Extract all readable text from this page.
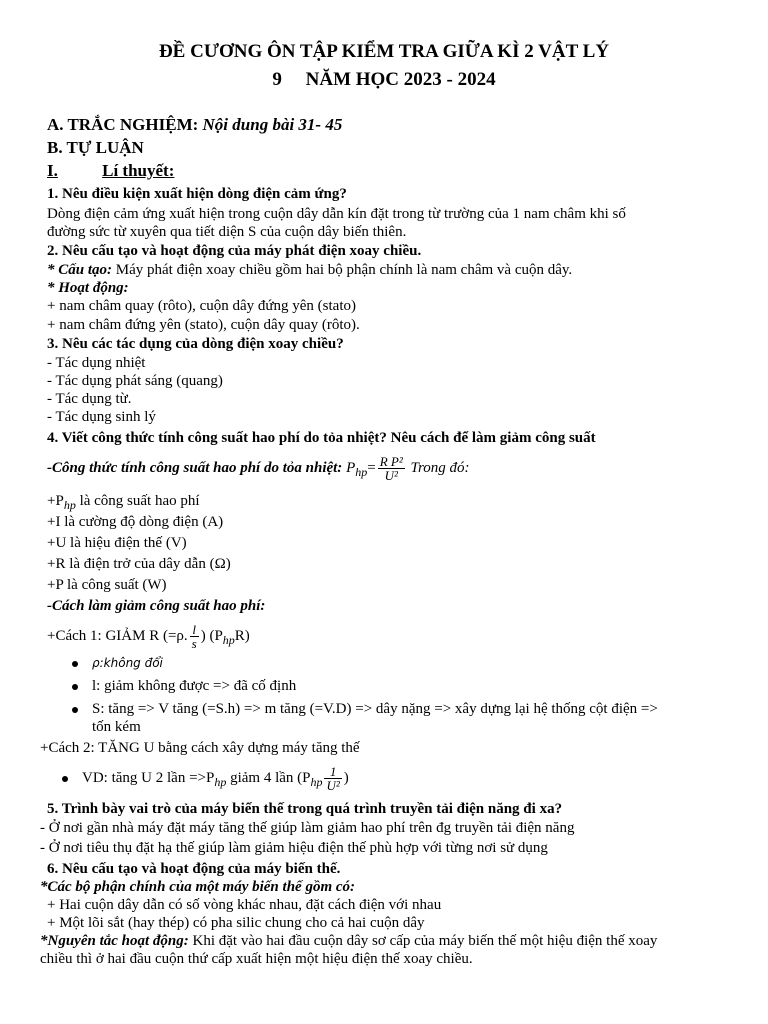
ĐỀ CƯƠNG ÔN TẬP KIỂM TRA GIỮA KÌ 2 VẬT LÝ
9 NĂM HỌC 2023 - 2024
A. TRẮC NGHIỆM: Nội dung bài 31- 45
B. TỰ LUẬN
I.	Lí thuyết:
1. Nêu điều kiện xuất hiện dòng điện cảm ứng?
Dòng điện cảm ứng xuất hiện trong cuộn dây dẫn kín đặt trong từ trường của 1 nam châm khi số
đường sức từ xuyên qua tiết diện S của cuộn dây biến thiên.
2. Nêu cấu tạo và hoạt động của máy phát điện xoay chiều.
* Cấu tạo: Máy phát điện xoay chiều gồm hai bộ phận chính là nam châm và cuộn dây.
* Hoạt động:
+ nam châm quay (rôto), cuộn dây đứng yên (stato)
+ nam châm đứng yên (stato), cuộn dây quay (rôto).
3. Nêu các tác dụng của dòng điện xoay chiều?
- Tác dụng nhiệt
- Tác dụng phát sáng (quang)
- Tác dụng từ.
- Tác dụng sinh lý
4. Viết công thức tính công suất hao phí do tỏa nhiệt? Nêu cách để làm giảm công suất
-Công thức tính công suất hao phí do tỏa nhiệt: $P_{hp}= \frac{\text{R P²}}{\text{U²}}$ Trong đó:
$+P_{hp}$ là công suất hao phí
+I là cường độ dòng điện (A)
+U là hiệu điện thế (V)
+R là điện trở của dây dẫn (Ω)
+P là công suất (W)
-Cách làm giảm công suất hao phí:
+Cách 1: GIẢM R (=ρ. $\frac{l}{s}$ ) $(P_{hp}R)$
ρ:không đổi
l: giảm không được => đã cố định
S: tăng => V tăng (=S.h) => m tăng (=V.D) => dây nặng => xây dựng lại hệ thống cột điện =>
tốn kém
+Cách 2: TĂNG U bằng cách xây dựng máy tăng thế
VD: tăng U 2 lần $=>P_{hp}$ giảm 4 lần ($P_{hp} \frac{1}{\text{U²}}$ )
5. Trình bày vai trò của máy biến thế trong quá trình truyền tải điện năng đi xa?
- Ở nơi gần nhà máy đặt máy tăng thế giúp làm giảm hao phí trên đg truyền tải điện năng
- Ở nơi tiêu thụ đặt hạ thế giúp làm giảm hiệu điện thế phù hợp với từng nơi sử dụng
6. Nêu cấu tạo và hoạt động của máy biến thế.
*Các bộ phận chính của một máy biến thế gồm có:
+ Hai cuộn dây dẫn có số vòng khác nhau, đặt cách điện với nhau
+ Một lõi sắt (hay thép) có pha silic chung cho cả hai cuộn dây
*Nguyên tắc hoạt động: Khi đặt vào hai đầu cuộn dây sơ cấp của máy biến thế một hiệu điện thế xoay
chiều thì ở hai đầu cuộn thứ cấp xuất hiện một hiệu điện thế xoay chiều.
